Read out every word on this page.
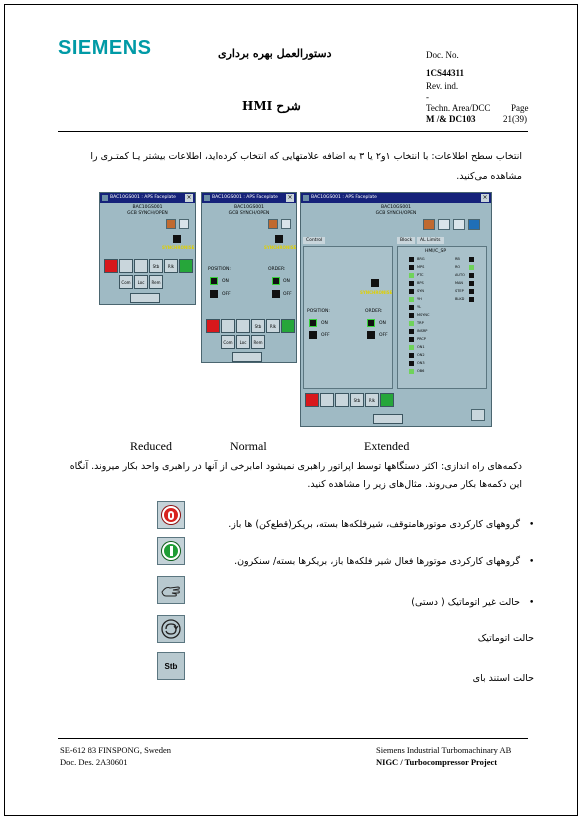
SIEMENS	دستورالعمل بهره برداری
شرح HMI
Doc. No.
1CS44311
Rev. ind.
-
Techn. Area/DCC
M /& DC103
Page
21(39)
انتخاب سطح اطلاعات: با انتخاب ۱و۲ یا ۳ به اضافه علامتهایی که انتخاب کرده‌اید، اطلاعات بیشتر یـا کمتـری را مشاهده می‌کنید.
BAC10GS001 : APS Faceplate ×
BAC10GS001
GCB SYNCH/OPEN
SYNCHRONISE
Stb	Rlk
Com	Loc	Rem
BAC10GS001 : APS Faceplate ×
BAC10GS001
GCB SYNCH/OPEN
SYNCHRONISE
POSITION:	ORDER:
ON
OFF
ON
OFF
Stb	Rlk
Com	Loc	Rem
BAC10GS001 : APS Faceplate	×
BAC10GS001
GCB SYNCH/OPEN
Control	Block	AL Limits
SYNCHRONISE
POSITION:	ORDER:
ON
OFF
ON
OFF
HMI/C_SP
BRG
MPS
PTC
BPS
SYN
YH
YL
MSYNC
TRP
INSRP
PRCP
ON1
ON2
ON3
OB6
RB
RO
AUTO
MAN
STEP
BLKD
Stb	Rlk
Reduced	Normal	Extended
دکمه‌های راه اندازی: اکثر دستگاهها توسط اپراتور راهبری نمیشود امابرخی از آنها در راهبری واحد بکار میروند. آنگاه این دکمه‌ها بکار می‌روند. مثال‌های زیر را مشاهده کنید.
•
گروههای کارکردی موتورهامتوقف، شیرفلکه‌ها بسته، بریکر(قطع‌کن) ها باز.
•
گروههای کارکردی موتورها فعال شیر فلکه‌ها باز، بریکرها بسته/ سنکرون.
•
حالت غیر اتوماتیک ( دستی)
حالت اتوماتیک
Stb
حالت استند بای
SE-612 83 FINSPONG, Sweden
Doc. Des. 2A30601
Siemens Industrial Turbomachinary AB
NIGC / Turbocompressor Project
